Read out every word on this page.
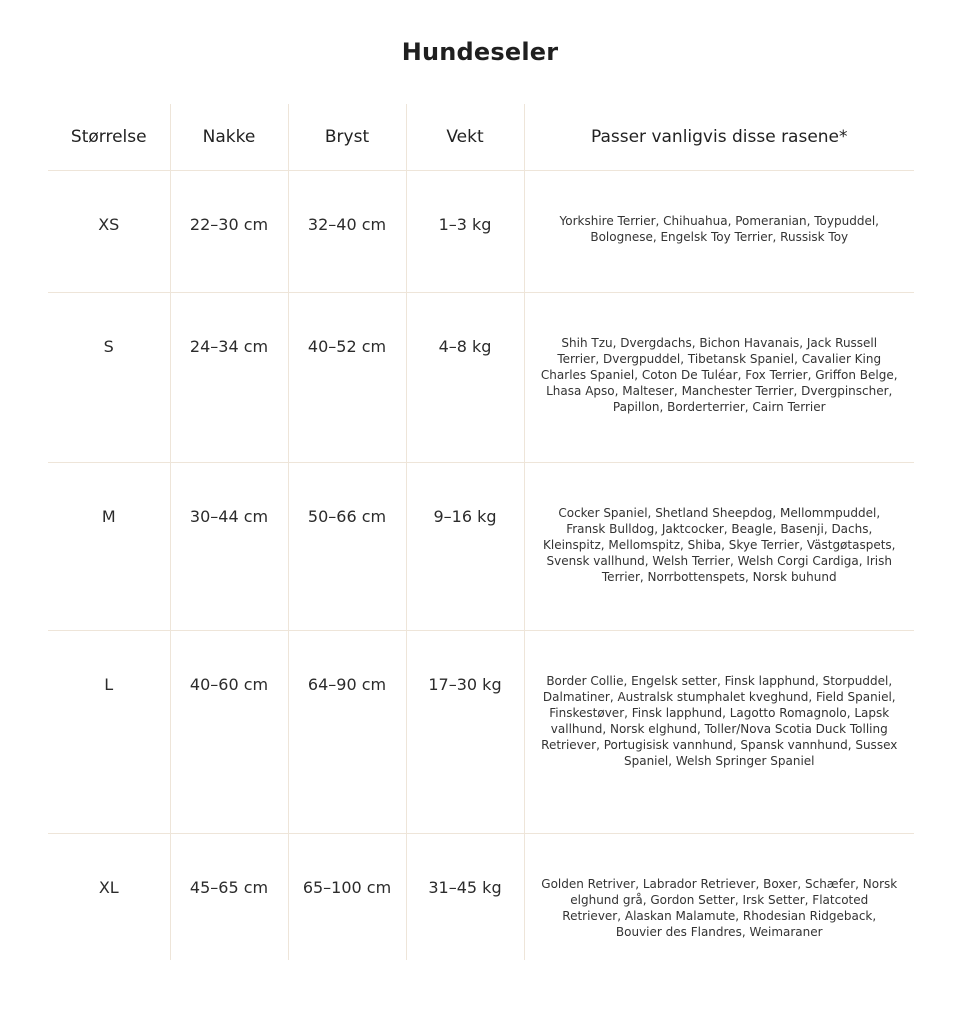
Hundeseler
Størrelse	Nakke	Bryst	Vekt	Passer vanligvis disse rasene*
XS	22–30 cm	32–40 cm	1–3 kg	Yorkshire Terrier, Chihuahua, Pomeranian, Toypuddel, Bolognese, Engelsk Toy Terrier, Russisk Toy
S	24–34 cm	40–52 cm	4–8 kg	Shih Tzu, Dvergdachs, Bichon Havanais, Jack Russell Terrier, Dvergpuddel, Tibetansk Spaniel, Cavalier King Charles Spaniel, Coton De Tuléar, Fox Terrier, Griffon Belge, Lhasa Apso, Malteser, Manchester Terrier, Dvergpinscher, Papillon, Borderterrier, Cairn Terrier
M	30–44 cm	50–66 cm	9–16 kg	Cocker Spaniel, Shetland Sheepdog, Mellommpuddel, Fransk Bulldog, Jaktcocker, Beagle, Basenji, Dachs, Kleinspitz, Mellomspitz, Shiba, Skye Terrier, Västgøtaspets, Svensk vallhund, Welsh Terrier, Welsh Corgi Cardiga, Irish Terrier, Norrbottenspets, Norsk buhund
L	40–60 cm	64–90 cm	17–30 kg	Border Collie, Engelsk setter, Finsk lapphund, Storpuddel, Dalmatiner, Australsk stumphalet kveghund, Field Spaniel, Finskestøver, Finsk lapphund, Lagotto Romagnolo, Lapsk vallhund, Norsk elghund, Toller/Nova Scotia Duck Tolling Retriever, Portugisisk vannhund, Spansk vannhund, Sussex Spaniel, Welsh Springer Spaniel
XL	45–65 cm	65–100 cm	31–45 kg	Golden Retriver, Labrador Retriever, Boxer, Schæfer, Norsk elghund grå, Gordon Setter, Irsk Setter, Flatcoted Retriever, Alaskan Malamute, Rhodesian Ridgeback, Bouvier des Flandres, Weimaraner
